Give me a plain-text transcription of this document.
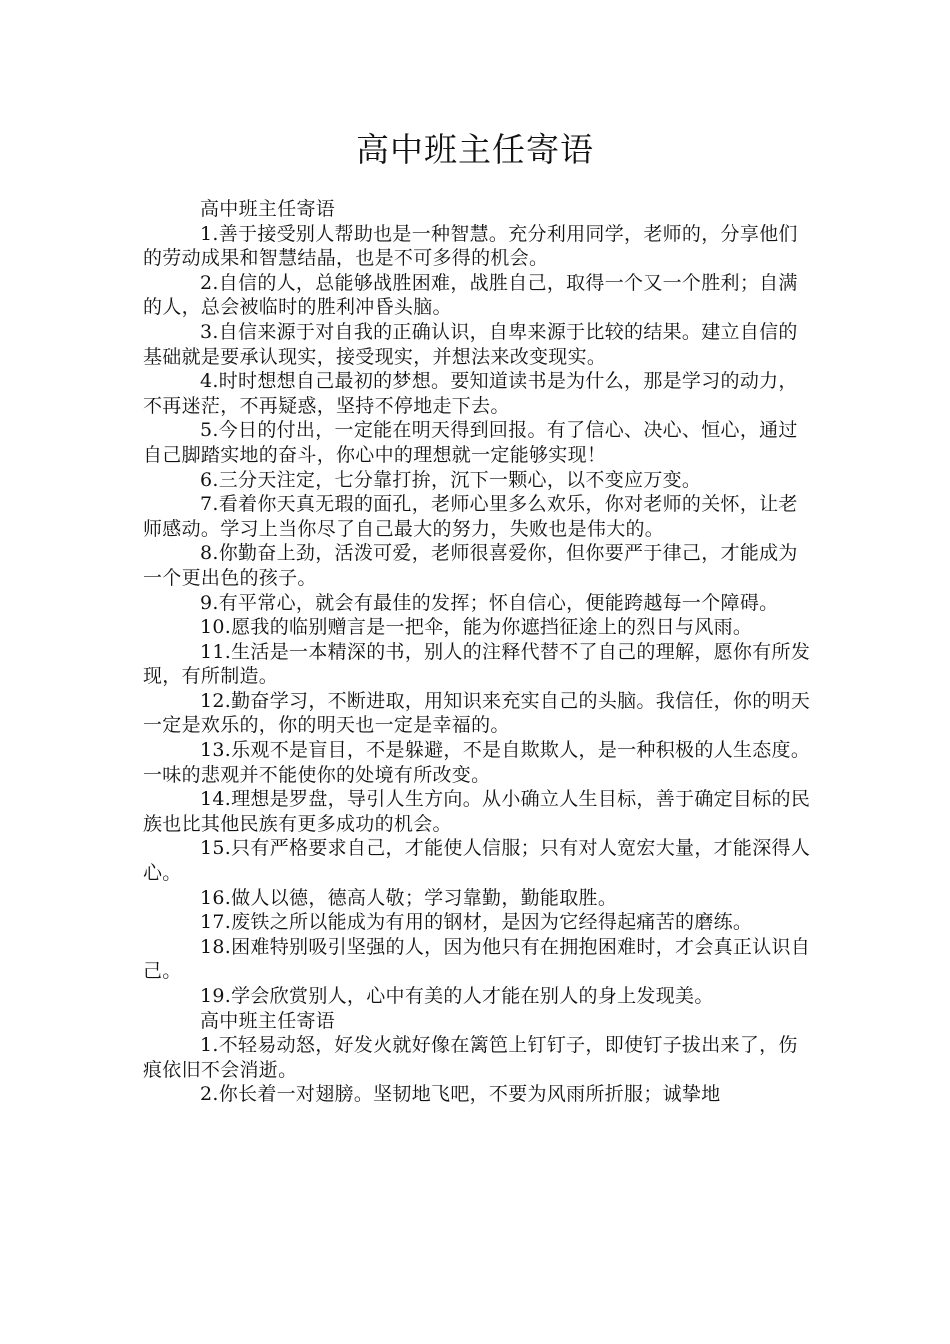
高中班主任寄语

高中班主任寄语

1.善于接受别人帮助也是一种智慧。充分利用同学，老师的，分享他们的劳动成果和智慧结晶，也是不可多得的机会。

2.自信的人，总能够战胜困难，战胜自己，取得一个又一个胜利；自满的人，总会被临时的胜利冲昏头脑。

3.自信来源于对自我的正确认识，自卑来源于比较的结果。建立自信的基础就是要承认现实，接受现实，并想法来改变现实。

4.时时想想自己最初的梦想。要知道读书是为什么，那是学习的动力，不再迷茫，不再疑惑，坚持不停地走下去。

5.今日的付出，一定能在明天得到回报。有了信心、决心、恒心，通过自己脚踏实地的奋斗，你心中的理想就一定能够实现！

6.三分天注定，七分靠打拚，沉下一颗心，以不变应万变。

7.看着你天真无瑕的面孔，老师心里多么欢乐，你对老师的关怀，让老师感动。学习上当你尽了自己最大的努力，失败也是伟大的。

8.你勤奋上劲，活泼可爱，老师很喜爱你，但你要严于律己，才能成为一个更出色的孩子。

9.有平常心，就会有最佳的发挥；怀自信心，便能跨越每一个障碍。

10.愿我的临别赠言是一把伞，能为你遮挡征途上的烈日与风雨。

11.生活是一本精深的书，别人的注释代替不了自己的理解，愿你有所发现，有所制造。

12.勤奋学习，不断进取，用知识来充实自己的头脑。我信任，你的明天一定是欢乐的，你的明天也一定是幸福的。

13.乐观不是盲目，不是躲避，不是自欺欺人，是一种积极的人生态度。一味的悲观并不能使你的处境有所改变。

14.理想是罗盘，导引人生方向。从小确立人生目标，善于确定目标的民族也比其他民族有更多成功的机会。

15.只有严格要求自己，才能使人信服；只有对人宽宏大量，才能深得人心。

16.做人以德，德高人敬；学习靠勤，勤能取胜。

17.废铁之所以能成为有用的钢材，是因为它经得起痛苦的磨练。

18.困难特别吸引坚强的人，因为他只有在拥抱困难时，才会真正认识自己。

19.学会欣赏别人，心中有美的人才能在别人的身上发现美。

高中班主任寄语

1.不轻易动怒，好发火就好像在篱笆上钉钉子，即使钉子拔出来了，伤痕依旧不会消逝。

2.你长着一对翅膀。坚韧地飞吧，不要为风雨所折服；诚挚地
